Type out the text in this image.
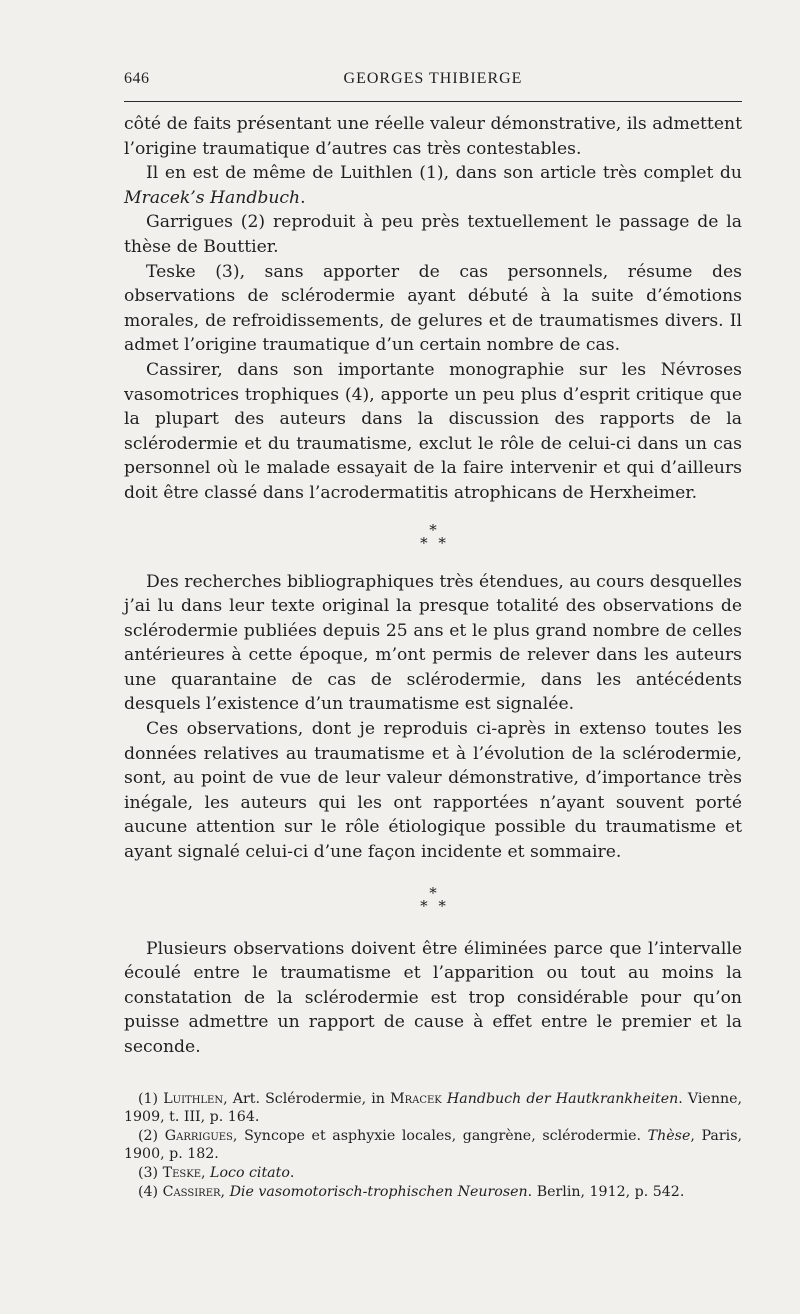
646	GEORGES THIBIERGE

côté de faits présentant une réelle valeur démonstrative, ils admettent l’origine traumatique d’autres cas très contestables.

Il en est de même de Luithlen (1), dans son article très complet du Mracek’s Handbuch.

Garrigues (2) reproduit à peu près textuellement le passage de la thèse de Bouttier.

Teske (3), sans apporter de cas personnels, résume des observations de sclérodermie ayant débuté à la suite d’émotions morales, de refroidissements, de gelures et de traumatismes divers. Il admet l’origine traumatique d’un certain nombre de cas.

Cassirer, dans son importante monographie sur les Névroses vasomotrices trophiques (4), apporte un peu plus d’esprit critique que la plupart des auteurs dans la discussion des rapports de la sclérodermie et du traumatisme, exclut le rôle de celui-ci dans un cas personnel où le malade essayait de la faire intervenir et qui d’ailleurs doit être classé dans l’acrodermatitis atrophicans de Herxheimer.

*
* *

Des recherches bibliographiques très étendues, au cours desquelles j’ai lu dans leur texte original la presque totalité des observations de sclérodermie publiées depuis 25 ans et le plus grand nombre de celles antérieures à cette époque, m’ont permis de relever dans les auteurs une quarantaine de cas de sclérodermie, dans les antécédents desquels l’existence d’un traumatisme est signalée.

Ces observations, dont je reproduis ci-après in extenso toutes les données relatives au traumatisme et à l’évolution de la sclérodermie, sont, au point de vue de leur valeur démonstrative, d’importance très inégale, les auteurs qui les ont rapportées n’ayant souvent porté aucune attention sur le rôle étiologique possible du traumatisme et ayant signalé celui-ci d’une façon incidente et sommaire.

*
* *

Plusieurs observations doivent être éliminées parce que l’intervalle écoulé entre le traumatisme et l’apparition ou tout au moins la constatation de la sclérodermie est trop considérable pour qu’on puisse admettre un rapport de cause à effet entre le premier et la seconde.

(1) Luithlen, Art. Sclérodermie, in Mracek Handbuch der Hautkrankheiten. Vienne, 1909, t. III, p. 164.

(2) Garrigues, Syncope et asphyxie locales, gangrène, sclérodermie. Thèse, Paris, 1900, p. 182.

(3) Teske, Loco citato.

(4) Cassirer, Die vasomotorisch-trophischen Neurosen. Berlin, 1912, p. 542.
